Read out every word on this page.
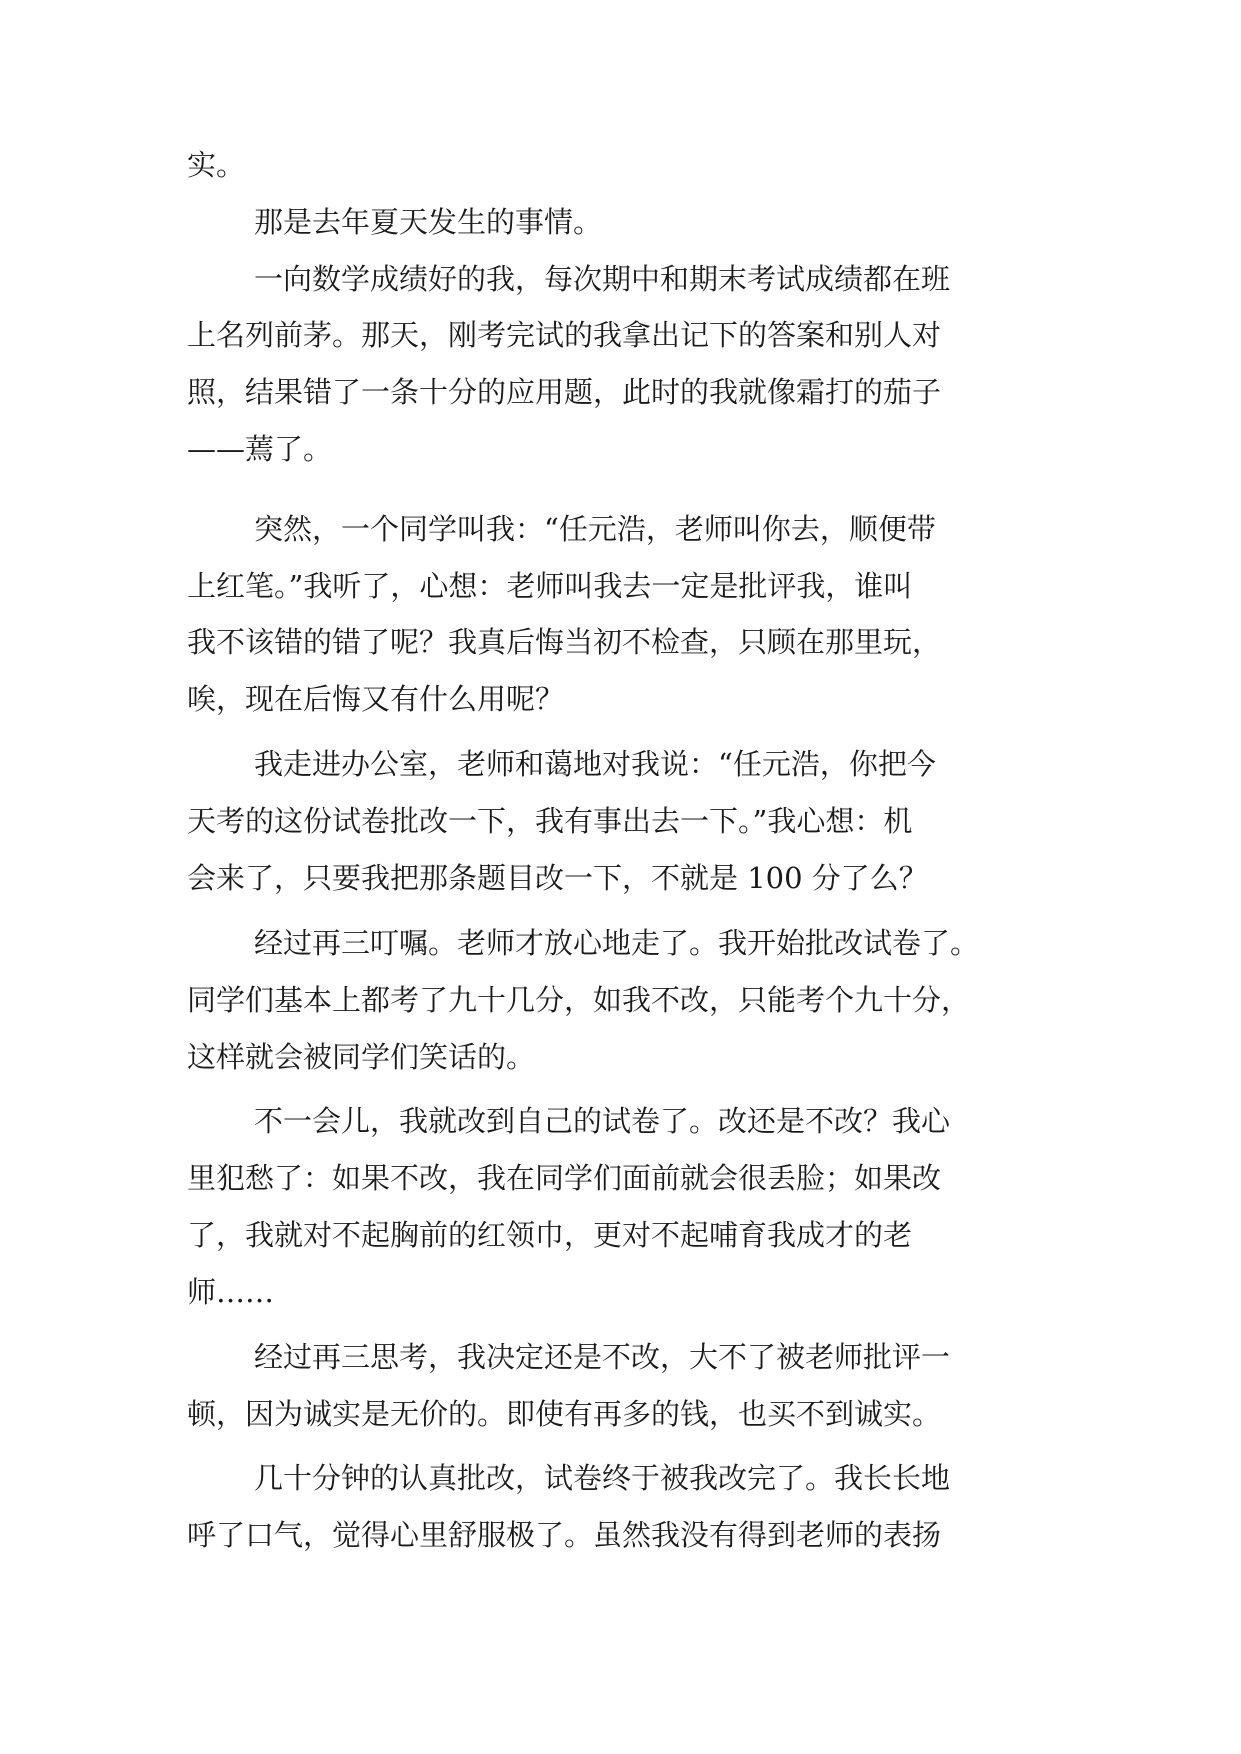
实。

那是去年夏天发生的事情。

一向数学成绩好的我，每次期中和期末考试成绩都在班

上名列前茅。那天，刚考完试的我拿出记下的答案和别人对

照，结果错了一条十分的应用题，此时的我就像霜打的茄子

——蔫了。

突然，一个同学叫我：“任元浩，老师叫你去，顺便带

上红笔。”我听了，心想：老师叫我去一定是批评我，谁叫

我不该错的错了呢？我真后悔当初不检查，只顾在那里玩，

唉，现在后悔又有什么用呢？

我走进办公室，老师和蔼地对我说：“任元浩，你把今

天考的这份试卷批改一下，我有事出去一下。”我心想：机

会来了，只要我把那条题目改一下，不就是 100 分了么？

经过再三叮嘱。老师才放心地走了。我开始批改试卷了。

同学们基本上都考了九十几分，如我不改，只能考个九十分，

这样就会被同学们笑话的。

不一会儿，我就改到自己的试卷了。改还是不改？我心

里犯愁了：如果不改，我在同学们面前就会很丢脸；如果改

了，我就对不起胸前的红领巾，更对不起哺育我成才的老

师……

经过再三思考，我决定还是不改，大不了被老师批评一

顿，因为诚实是无价的。即使有再多的钱，也买不到诚实。

几十分钟的认真批改，试卷终于被我改完了。我长长地

呼了口气，觉得心里舒服极了。虽然我没有得到老师的表扬
